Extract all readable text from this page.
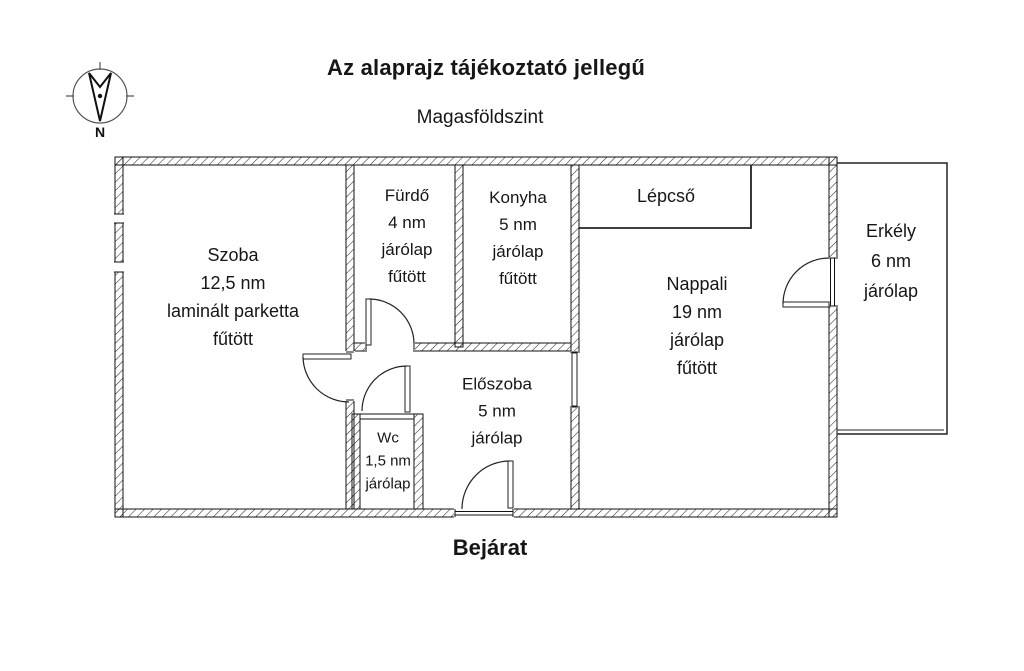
N
Az alaprajz tájékoztató jellegű
Magasföldszint
Szoba
12,5 nm
laminált parketta
fűtött
Fürdő
4 nm
járólap
fűtött
Konyha
5 nm
járólap
fűtött
Lépcső
Nappali
19 nm
járólap
fűtött
Erkély
6 nm
járólap
Előszoba
5 nm
járólap
Wc
1,5 nm
járólap
Bejárat
